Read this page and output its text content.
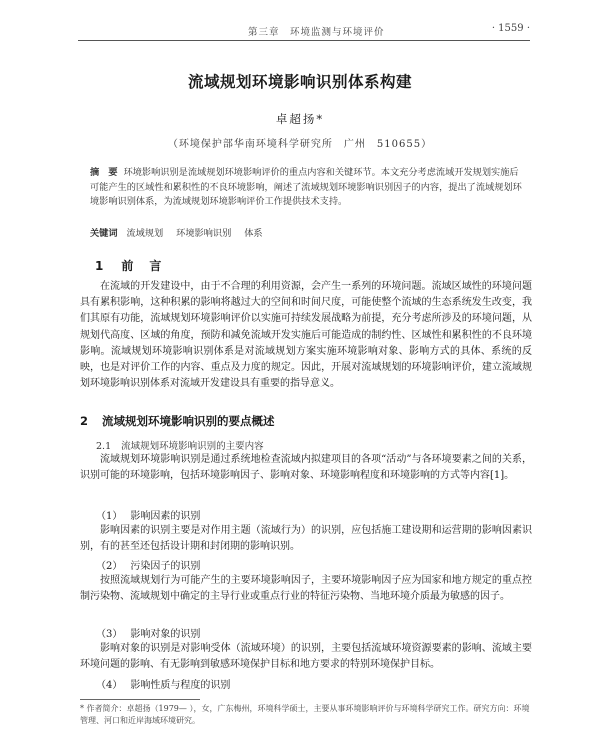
第三章　环境监测与环境评价	· 1559 ·
流域规划环境影响识别体系构建
卓超扬*
（环境保护部华南环境科学研究所　广州　510655）
摘　要 环境影响识别是流域规划环境影响评价的重点内容和关键环节。本文充分考虑流域开发规划实施后可能产生的区域性和累积性的不良环境影响，阐述了流域规划环境影响识别因子的内容，提出了流域规划环境影响识别体系，为流域规划环境影响评价工作提供技术支持。
关键词 流域规划 环境影响识别 体系
1 前　言
在流域的开发建设中，由于不合理的利用资源，会产生一系列的环境问题。流域区域性的环境问题具有累积影响，这种积累的影响将越过大的空间和时间尺度，可能使整个流域的生态系统发生改变，我们其原有功能，流域规划环境影响评价以实施可持续发展战略为前提，充分考虑所涉及的环境问题，从规划代高度、区域的角度，预防和减免流域开发实施后可能造成的制约性、区域性和累积性的不良环境影响。流域规划环境影响识别体系是对流域规划方案实施环境影响对象、影响方式的具体、系统的反映，也是对评价工作的内容、重点及力度的规定。因此，开展对流域规划的环境影响评价，建立流域规划环境影响识别体系对流域开发建设具有重要的指导意义。
2 流域规划环境影响识别的要点概述
2.1 流域规划环境影响识别的主要内容
流域规划环境影响识别是通过系统地检查流域内拟建项目的各项“活动”与各环境要素之间的关系，识别可能的环境影响，包括环境影响因子、影响对象、环境影响程度和环境影响的方式等内容[1]。
（1） 影响因素的识别
影响因素的识别主要是对作用主题（流域行为）的识别，应包括施工建设期和运营期的影响因素识别，有的甚至还包括设计期和封闭期的影响识别。
（2） 污染因子的识别
按照流域规划行为可能产生的主要环境影响因子，主要环境影响因子应为国家和地方规定的重点控制污染物、流域规划中确定的主导行业或重点行业的特征污染物、当地环境介质最为敏感的因子。
（3） 影响对象的识别
影响对象的识别是对影响受体（流域环境）的识别，主要包括流域环境资源要素的影响、流域主要环境问题的影响、有无影响到敏感环境保护目标和地方要求的特别环境保护目标。
（4） 影响性质与程度的识别
* 作者简介：卓超扬（1979— ），女，广东梅州，环境科学硕士，主要从事环境影响评价与环境科学研究工作。研究方向：环境管理、河口和近岸海域环境研究。
